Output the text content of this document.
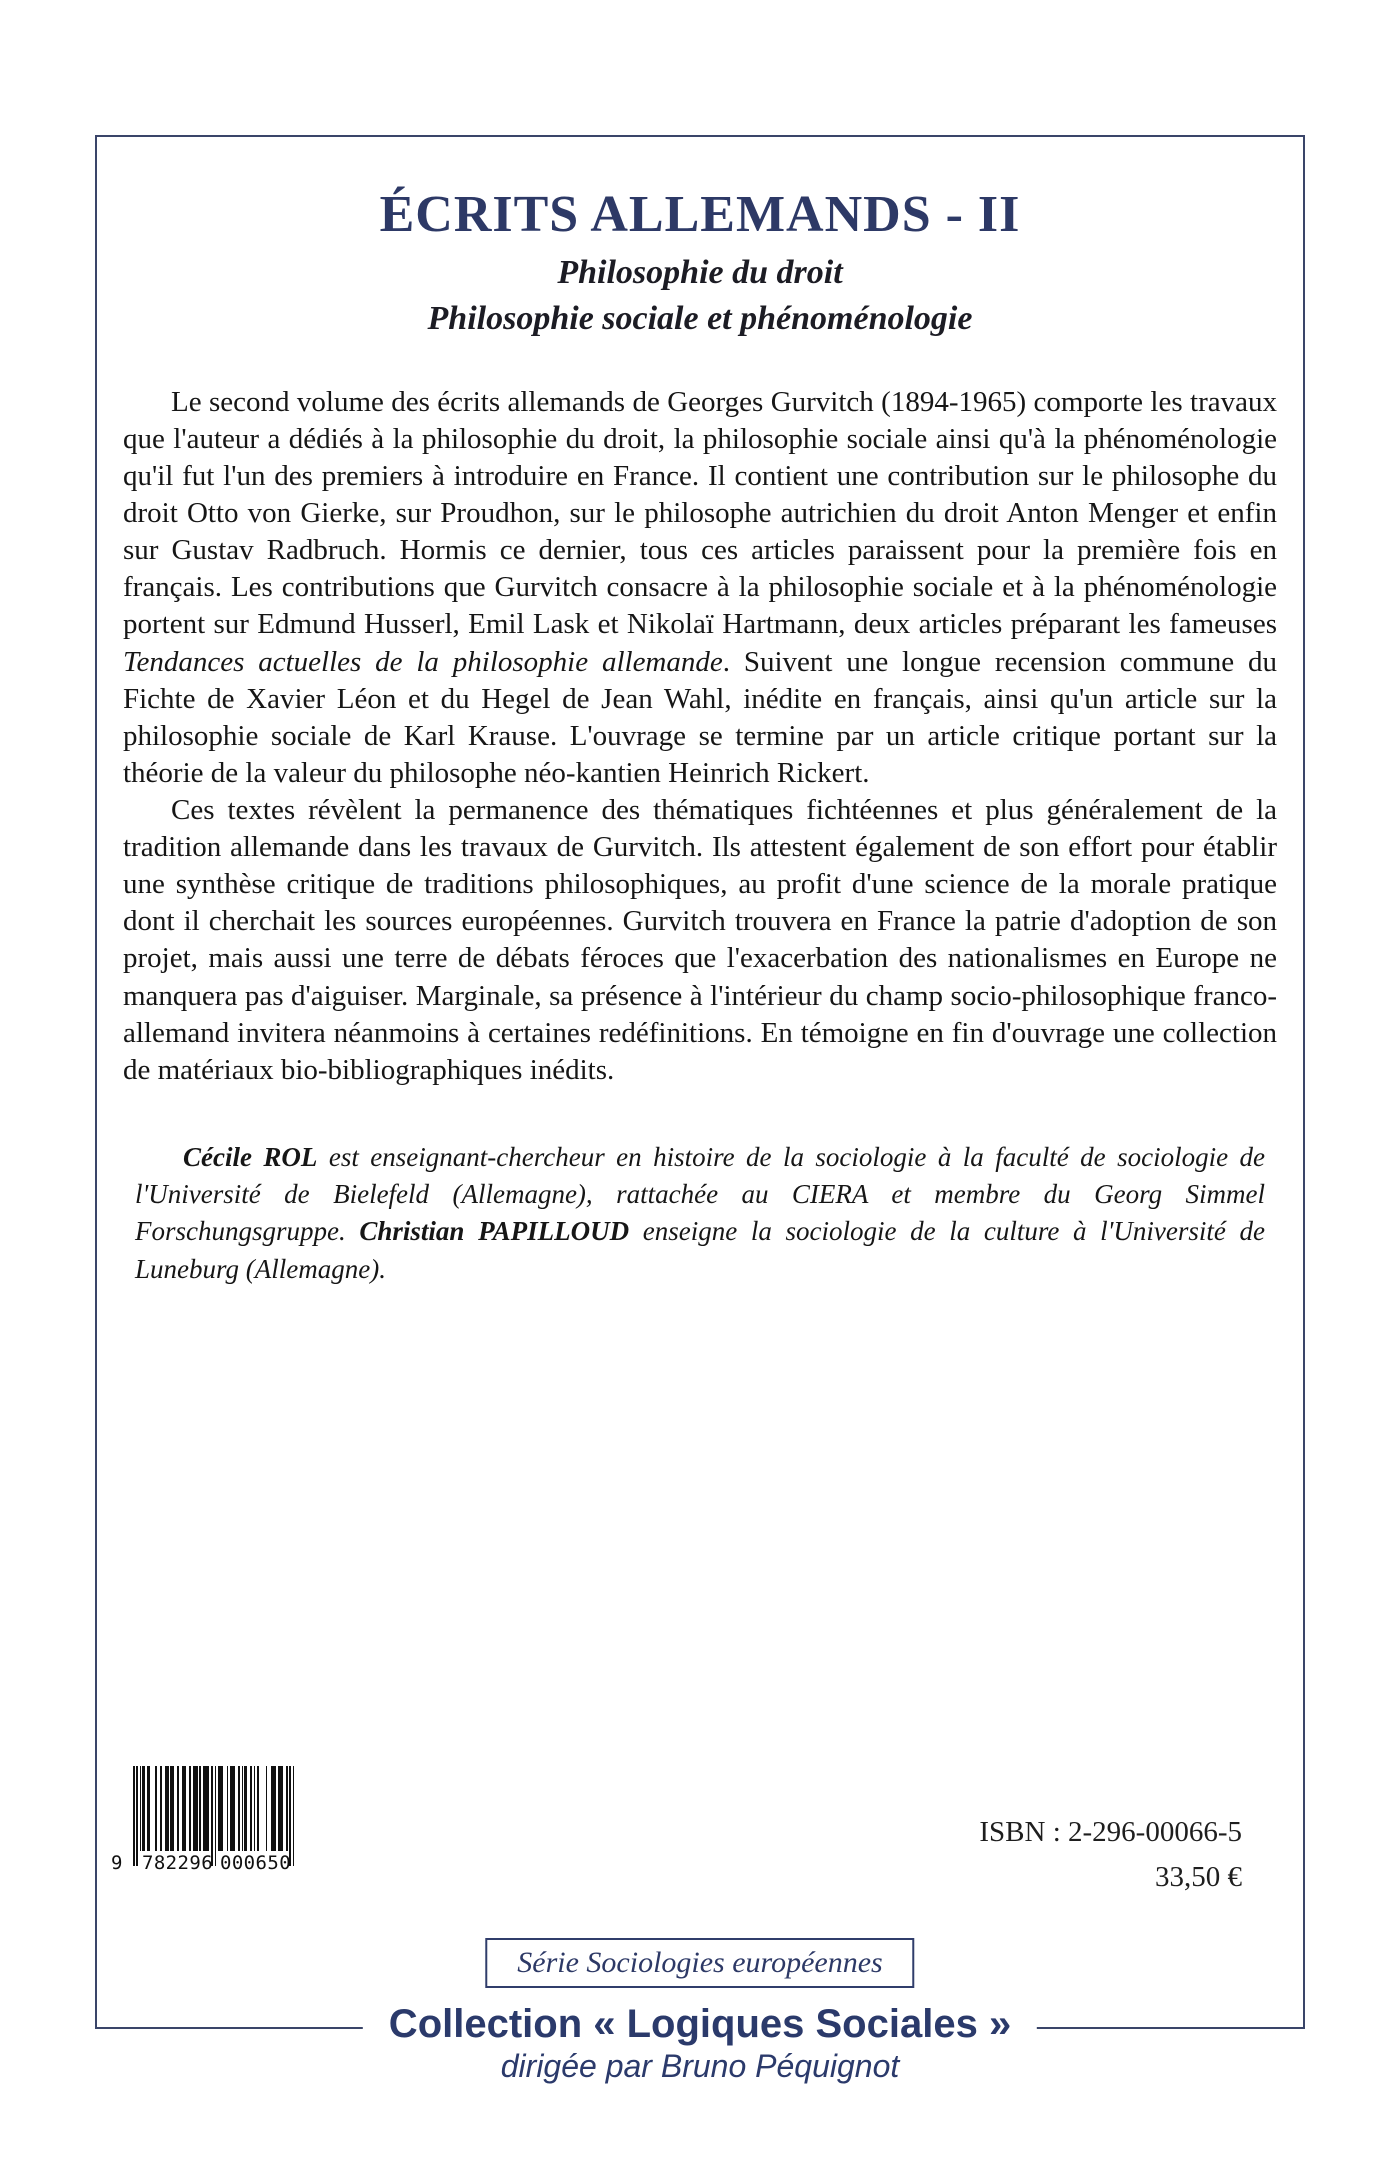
ÉCRITS ALLEMANDS - II
Philosophie du droit
Philosophie sociale et phénoménologie

Le second volume des écrits allemands de Georges Gurvitch (1894-1965) comporte les travaux que l'auteur a dédiés à la philosophie du droit, la philosophie sociale ainsi qu'à la phénoménologie qu'il fut l'un des premiers à introduire en France. Il contient une contribution sur le philosophe du droit Otto von Gierke, sur Proudhon, sur le philosophe autrichien du droit Anton Menger et enfin sur Gustav Radbruch. Hormis ce dernier, tous ces articles paraissent pour la première fois en français. Les contributions que Gurvitch consacre à la philosophie sociale et à la phénoménologie portent sur Edmund Husserl, Emil Lask et Nikolaï Hartmann, deux articles préparant les fameuses Tendances actuelles de la philosophie allemande. Suivent une longue recension commune du Fichte de Xavier Léon et du Hegel de Jean Wahl, inédite en français, ainsi qu'un article sur la philosophie sociale de Karl Krause. L'ouvrage se termine par un article critique portant sur la théorie de la valeur du philosophe néo-kantien Heinrich Rickert.

Ces textes révèlent la permanence des thématiques fichtéennes et plus généralement de la tradition allemande dans les travaux de Gurvitch. Ils attestent également de son effort pour établir une synthèse critique de traditions philosophiques, au profit d'une science de la morale pratique dont il cherchait les sources européennes. Gurvitch trouvera en France la patrie d'adoption de son projet, mais aussi une terre de débats féroces que l'exacerbation des nationalismes en Europe ne manquera pas d'aiguiser. Marginale, sa présence à l'intérieur du champ socio-philosophique franco-allemand invitera néanmoins à certaines redéfinitions. En témoigne en fin d'ouvrage une collection de matériaux bio-bibliographiques inédits.

Cécile ROL est enseignant-chercheur en histoire de la sociologie à la faculté de sociologie de l'Université de Bielefeld (Allemagne), rattachée au CIERA et membre du Georg Simmel Forschungsgruppe. Christian PAPILLOUD enseigne la sociologie de la culture à l'Université de Luneburg (Allemagne).

9 782296 000650
ISBN : 2-296-00066-5
33,50 €
Série Sociologies européennes
Collection « Logiques Sociales »
dirigée par Bruno Péquignot
